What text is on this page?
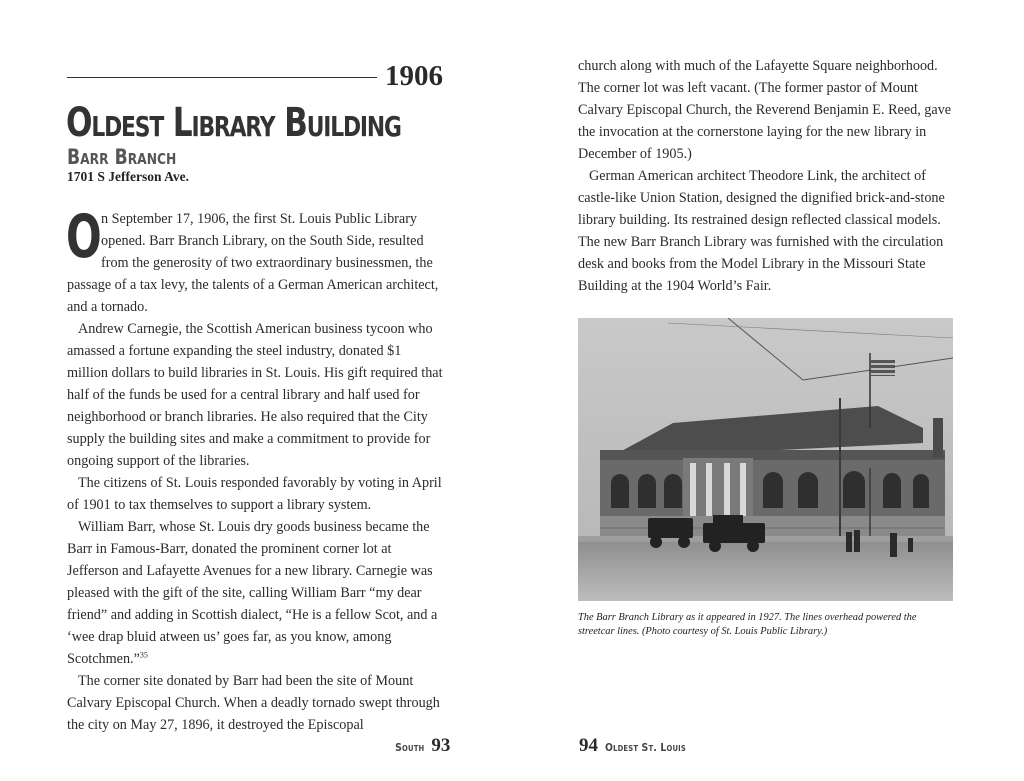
1906
Oldest Library Building
Barr Branch
1701 S Jefferson Ave.

On September 17, 1906, the first St. Louis Public Library opened. Barr Branch Library, on the South Side, resulted from the generosity of two extraordinary businessmen, the passage of a tax levy, the talents of a German American architect, and a tornado.

Andrew Carnegie, the Scottish American business tycoon who amassed a fortune expanding the steel industry, donated $1 million dollars to build libraries in St. Louis. His gift required that half of the funds be used for a central library and half used for neighborhood or branch libraries. He also required that the City supply the building sites and make a commitment to provide for ongoing support of the libraries.

The citizens of St. Louis responded favorably by voting in April of 1901 to tax themselves to support a library system.

William Barr, whose St. Louis dry goods business became the Barr in Famous-Barr, donated the prominent corner lot at Jefferson and Lafayette Avenues for a new library. Carnegie was pleased with the gift of the site, calling William Barr “my dear friend” and adding in Scottish dialect, “He is a fellow Scot, and a ‘wee drap bluid atween us’ goes far, as you know, among Scotchmen.”$^{35}$

The corner site donated by Barr had been the site of Mount Calvary Episcopal Church. When a deadly tornado swept through the city on May 27, 1896, it destroyed the Episcopal

South 93

church along with much of the Lafayette Square neighborhood. The corner lot was left vacant. (The former pastor of Mount Calvary Episcopal Church, the Reverend Benjamin E. Reed, gave the invocation at the cornerstone laying for the new library in December of 1905.)

German American architect Theodore Link, the architect of castle-like Union Station, designed the dignified brick-and-stone library building. Its restrained design reflected classical models. The new Barr Branch Library was furnished with the circulation desk and books from the Model Library in the Missouri State Building at the 1904 World’s Fair.

The Barr Branch Library as it appeared in 1927. The lines overhead powered the streetcar lines. (Photo courtesy of St. Louis Public Library.)
94 Oldest St. Louis
